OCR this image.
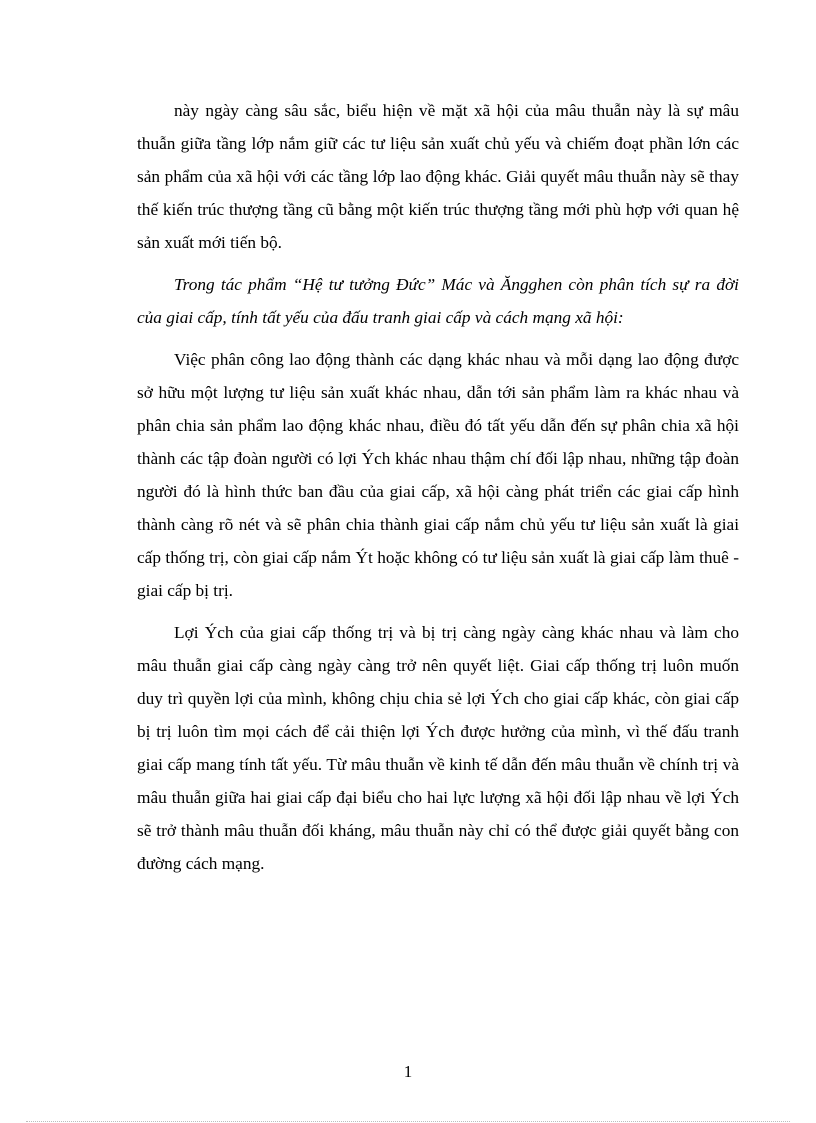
này ngày càng sâu sắc, biểu hiện về mặt xã hội của mâu thuẫn này là sự mâu thuẫn giữa tầng lớp nắm giữ các tư liệu sản xuất chủ yếu và chiếm đoạt phần lớn các sản phẩm của xã hội với các tầng lớp lao động khác. Giải quyết mâu thuẫn này sẽ thay thế kiến trúc thượng tầng cũ bằng một kiến trúc thượng tầng mới phù hợp với quan hệ sản xuất mới tiến bộ.

Trong tác phẩm “Hệ tư tưởng Đức” Mác và Ăngghen còn phân tích sự ra đời của giai cấp, tính tất yếu của đấu tranh giai cấp và cách mạng xã hội:

Việc phân công lao động thành các dạng khác nhau và mỗi dạng lao động được sở hữu một lượng tư liệu sản xuất khác nhau, dẫn tới sản phẩm làm ra khác nhau và phân chia sản phẩm lao động khác nhau, điều đó tất yếu dẫn đến sự phân chia xã hội thành các tập đoàn người có lợi Ých khác nhau thậm chí đối lập nhau, những tập đoàn người đó là hình thức ban đầu của giai cấp, xã hội càng phát triển các giai cấp hình thành càng rõ nét và sẽ phân chia thành giai cấp nắm chủ yếu tư liệu sản xuất là giai cấp thống trị, còn giai cấp nắm Ýt hoặc không có tư liệu sản xuất là giai cấp làm thuê - giai cấp bị trị.

Lợi Ých của giai cấp thống trị và bị trị càng ngày càng khác nhau và làm cho mâu thuẫn giai cấp càng ngày càng trở nên quyết liệt. Giai cấp thống trị luôn muốn duy trì quyền lợi của mình, không chịu chia sẻ lợi Ých cho giai cấp khác, còn giai cấp bị trị luôn tìm mọi cách để cải thiện lợi Ých được hưởng của mình, vì thế đấu tranh giai cấp mang tính tất yếu. Từ mâu thuẫn về kinh tế dẫn đến mâu thuẫn về chính trị và mâu thuẫn giữa hai giai cấp đại biểu cho hai lực lượng xã hội đối lập nhau về lợi Ých sẽ trở thành mâu thuẫn đối kháng, mâu thuẫn này chỉ có thể được giải quyết bằng con đường cách mạng.

1
